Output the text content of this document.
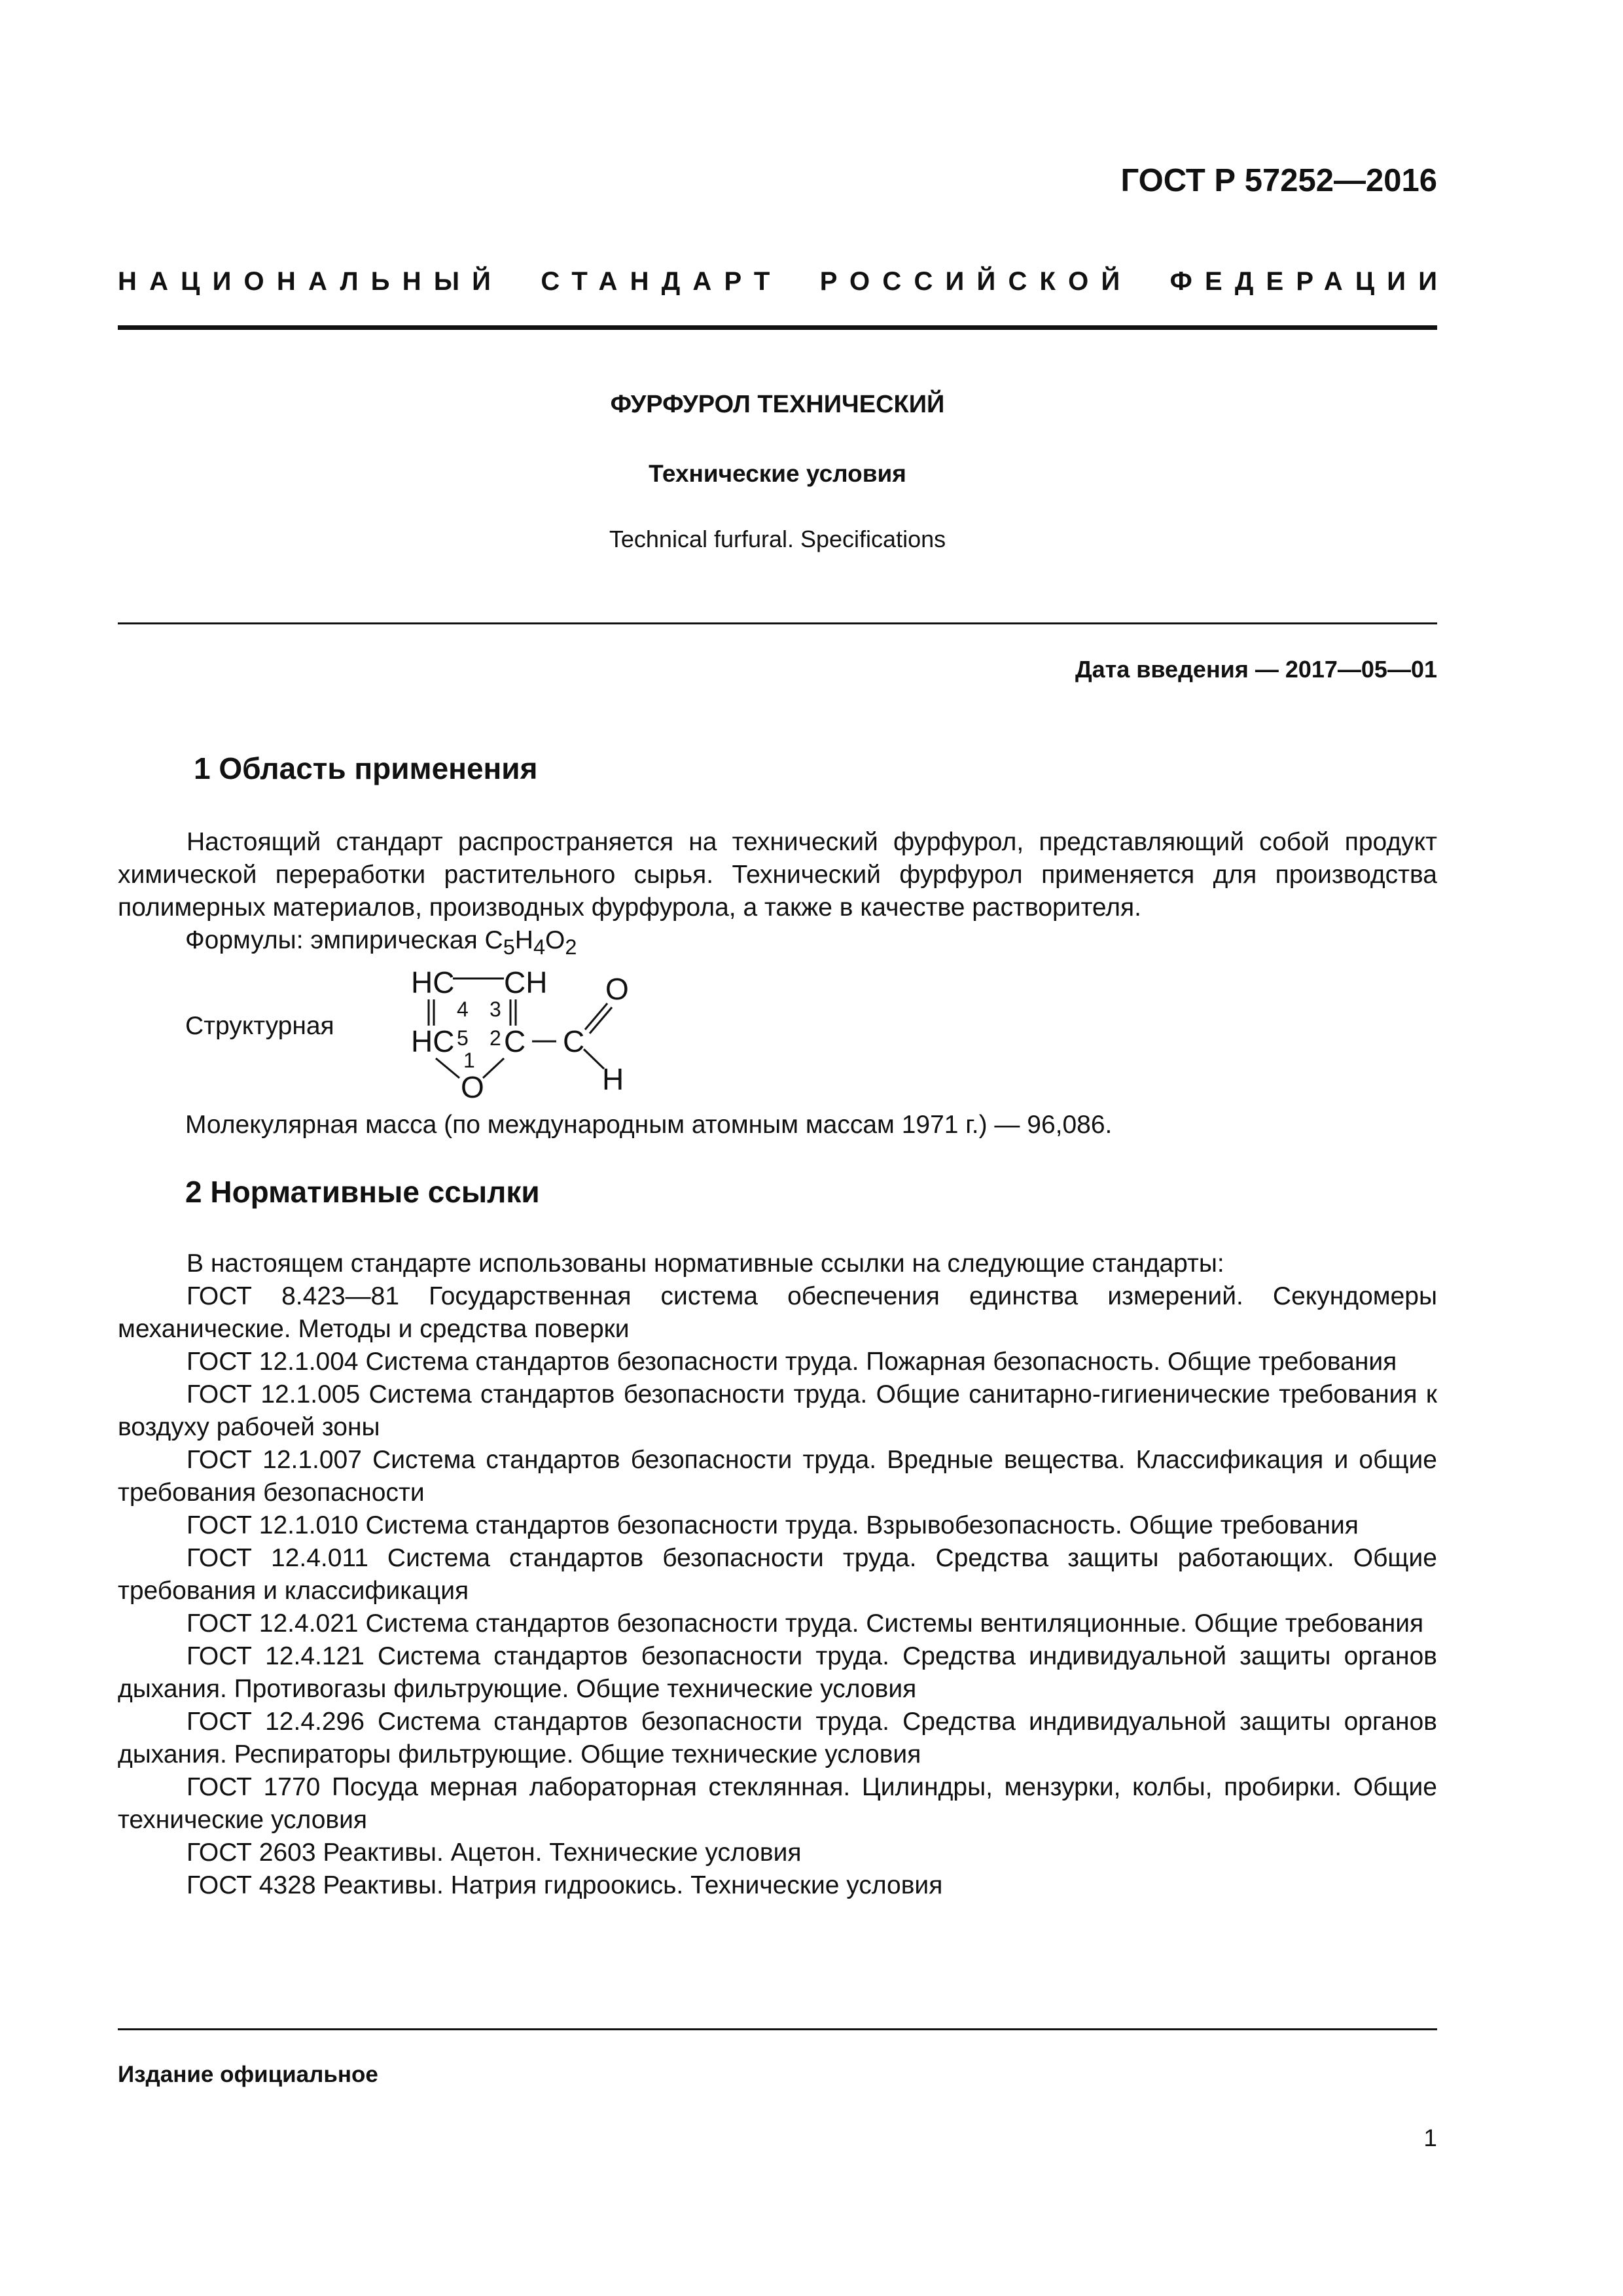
ГОСТ Р 57252—2016
НАЦИОНАЛЬНЫЙ СТАНДАРТ РОССИЙСКОЙ ФЕДЕРАЦИИ
ФУРФУРОЛ ТЕХНИЧЕСКИЙ
Технические условия
Technical furfural. Specifications
Дата введения — 2017—05—01
1 Область применения

Настоящий стандарт распространяется на технический фурфурол, представляющий собой продукт химической переработки растительного сырья. Технический фурфурол применяется для производства полимерных материалов, производных фурфурола, а также в качестве растворителя.

Формулы: эмпирическая $C_5H_4O_2$
Структурная
HC CH
4 3
HC 5 2 C C
O
H
1
O
Молекулярная масса (по международным атомным массам 1971 г.) — 96,086.
2 Нормативные ссылки

В настоящем стандарте использованы нормативные ссылки на следующие стандарты:

ГОСТ 8.423—81 Государственная система обеспечения единства измерений. Секундомеры механические. Методы и средства поверки

ГОСТ 12.1.004 Система стандартов безопасности труда. Пожарная безопасность. Общие требования

ГОСТ 12.1.005 Система стандартов безопасности труда. Общие санитарно-гигиенические требования к воздуху рабочей зоны

ГОСТ 12.1.007 Система стандартов безопасности труда. Вредные вещества. Классификация и общие требования безопасности

ГОСТ 12.1.010 Система стандартов безопасности труда. Взрывобезопасность. Общие требования

ГОСТ 12.4.011 Система стандартов безопасности труда. Средства защиты работающих. Общие требования и классификация

ГОСТ 12.4.021 Система стандартов безопасности труда. Системы вентиляционные. Общие требования

ГОСТ 12.4.121 Система стандартов безопасности труда. Средства индивидуальной защиты органов дыхания. Противогазы фильтрующие. Общие технические условия

ГОСТ 12.4.296 Система стандартов безопасности труда. Средства индивидуальной защиты органов дыхания. Респираторы фильтрующие. Общие технические условия

ГОСТ 1770 Посуда мерная лабораторная стеклянная. Цилиндры, мензурки, колбы, пробирки. Общие технические условия

ГОСТ 2603 Реактивы. Ацетон. Технические условия

ГОСТ 4328 Реактивы. Натрия гидроокись. Технические условия

Издание официальное
1
